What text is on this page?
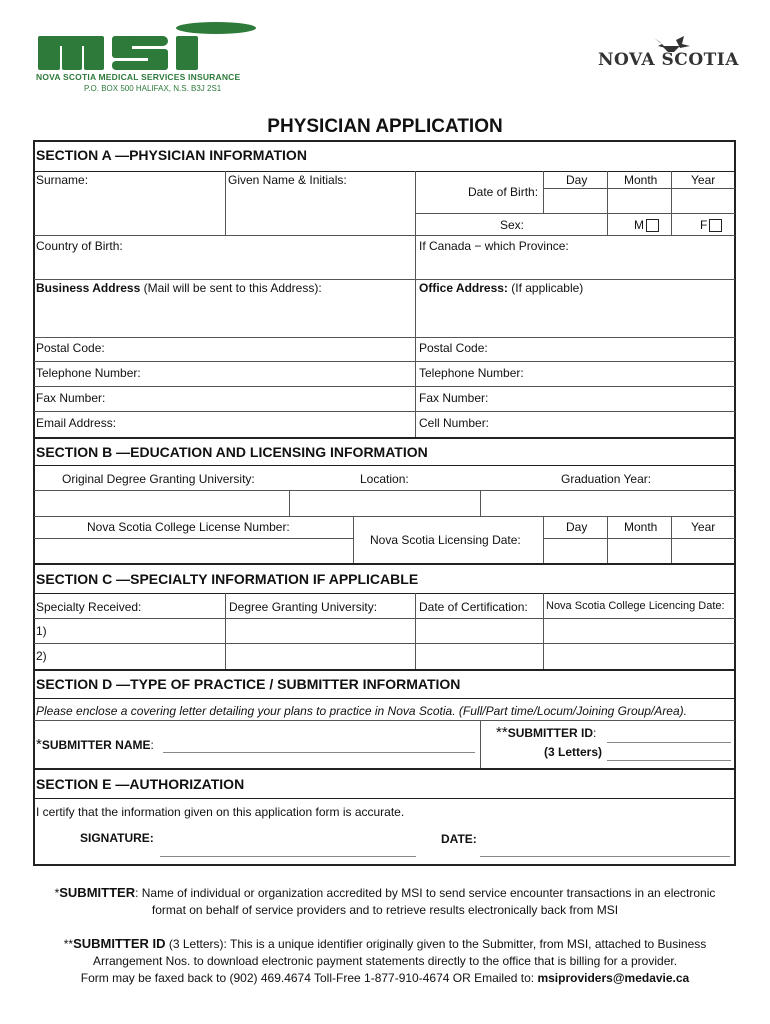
NOVA SCOTIA MEDICAL SERVICES INSURANCE
P.O. BOX 500 HALIFAX, N.S. B3J 2S1
NOVA SCOTIA
PHYSICIAN APPLICATION
SECTION A —PHYSICIAN INFORMATION
Surname:	Given Name & Initials:
Date of Birth:
Day	Month	Year
Sex:	M	F
Country of Birth:	If Canada − which Province:
Business Address (Mail will be sent to this Address):	Office Address: (If applicable)
Postal Code:	Postal Code:
Telephone Number:	Telephone Number:
Fax Number:	Fax Number:
Email Address:	Cell Number:
SECTION B —EDUCATION AND LICENSING INFORMATION
Original Degree Granting University:	Location:	Graduation Year:
Nova Scotia College License Number:
Nova Scotia Licensing Date:
Day	Month	Year
SECTION C —SPECIALTY INFORMATION IF APPLICABLE
Specialty Received:	Degree Granting University:	Date of Certification: Nova Scotia College Licencing Date:
1)
2)
SECTION D —TYPE OF PRACTICE / SUBMITTER INFORMATION
Please enclose a covering letter detailing your plans to practice in Nova Scotia. (Full/Part time/Locum/Joining Group/Area).
*SUBMITTER NAME:
**SUBMITTER ID:
(3 Letters)
SECTION E —AUTHORIZATION
I certify that the information given on this application form is accurate.
SIGNATURE:	DATE:
*SUBMITTER: Name of individual or organization accredited by MSI to send service encounter transactions in an electronic
format on behalf of service providers and to retrieve results electronically back from MSI
**SUBMITTER ID (3 Letters): This is a unique identifier originally given to the Submitter, from MSI, attached to Business
Arrangement Nos. to download electronic payment statements directly to the office that is billing for a provider.
Form may be faxed back to (902) 469.4674 Toll-Free 1-877-910-4674 OR Emailed to: msiproviders@medavie.ca
